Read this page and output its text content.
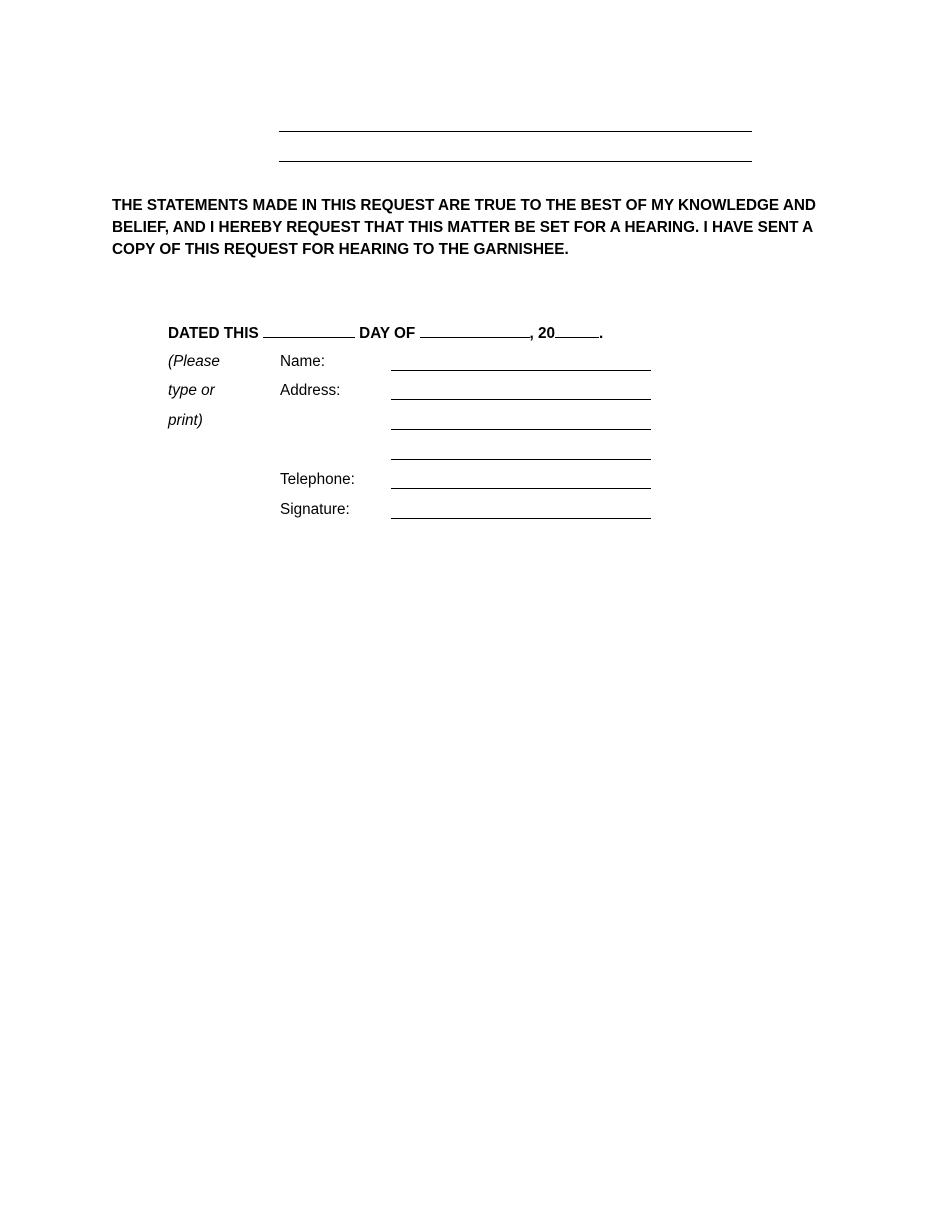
THE STATEMENTS MADE IN THIS REQUEST ARE TRUE TO THE BEST OF MY KNOWLEDGE AND
BELIEF, AND I HEREBY REQUEST THAT THIS MATTER BE SET FOR A HEARING. I HAVE SENT A
COPY OF THIS REQUEST FOR HEARING TO THE GARNISHEE.
DATED THIS	DAY OF	, 20	.
(Please
type or
print)
Name:
Address:
Telephone:
Signature:
